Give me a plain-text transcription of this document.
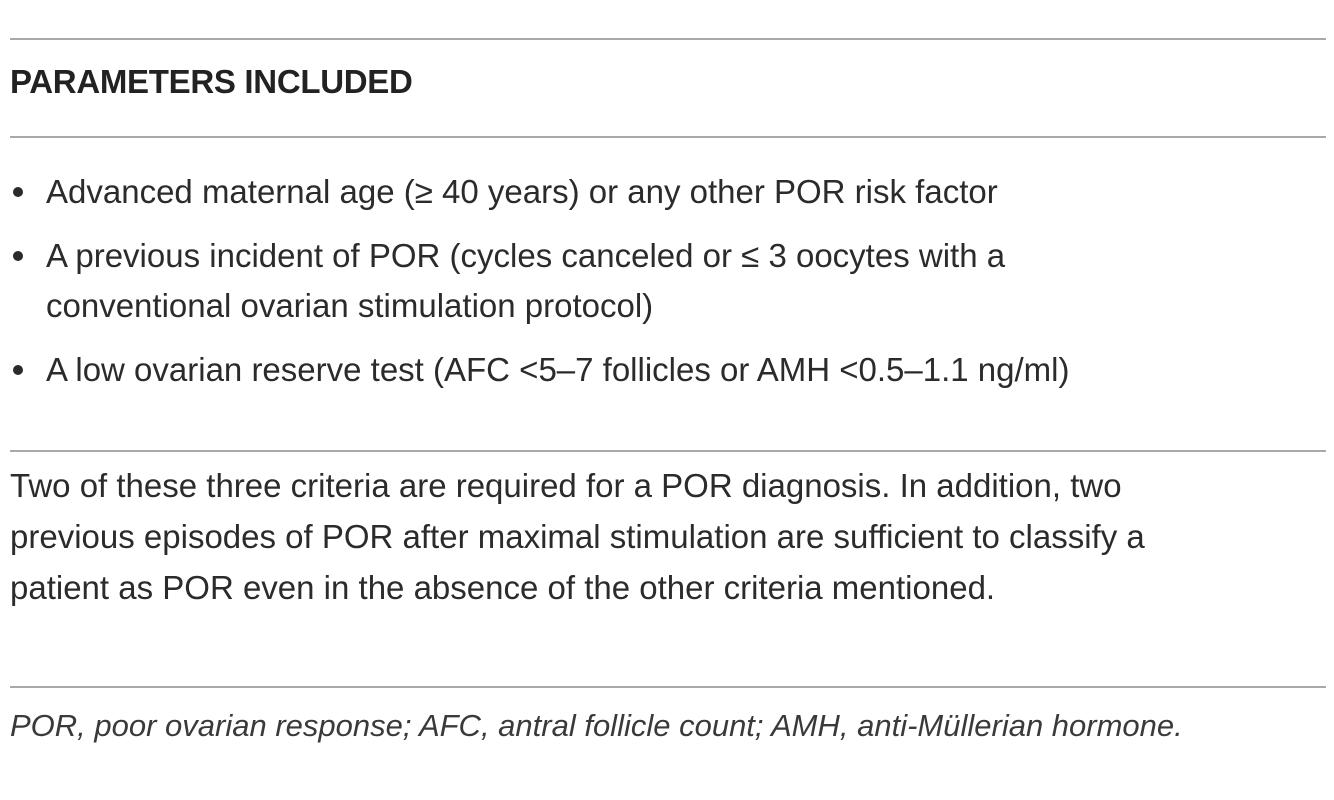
PARAMETERS INCLUDED
Advanced maternal age (≥ 40 years) or any other POR risk factor
A previous incident of POR (cycles canceled or ≤ 3 oocytes with a conventional ovarian stimulation protocol)
A low ovarian reserve test (AFC <5–7 follicles or AMH <0.5–1.1 ng/ml)

Two of these three criteria are required for a POR diagnosis. In addition, two previous episodes of POR after maximal stimulation are sufficient to classify a patient as POR even in the absence of the other criteria mentioned.

POR, poor ovarian response; AFC, antral follicle count; AMH, anti-Müllerian hormone.
